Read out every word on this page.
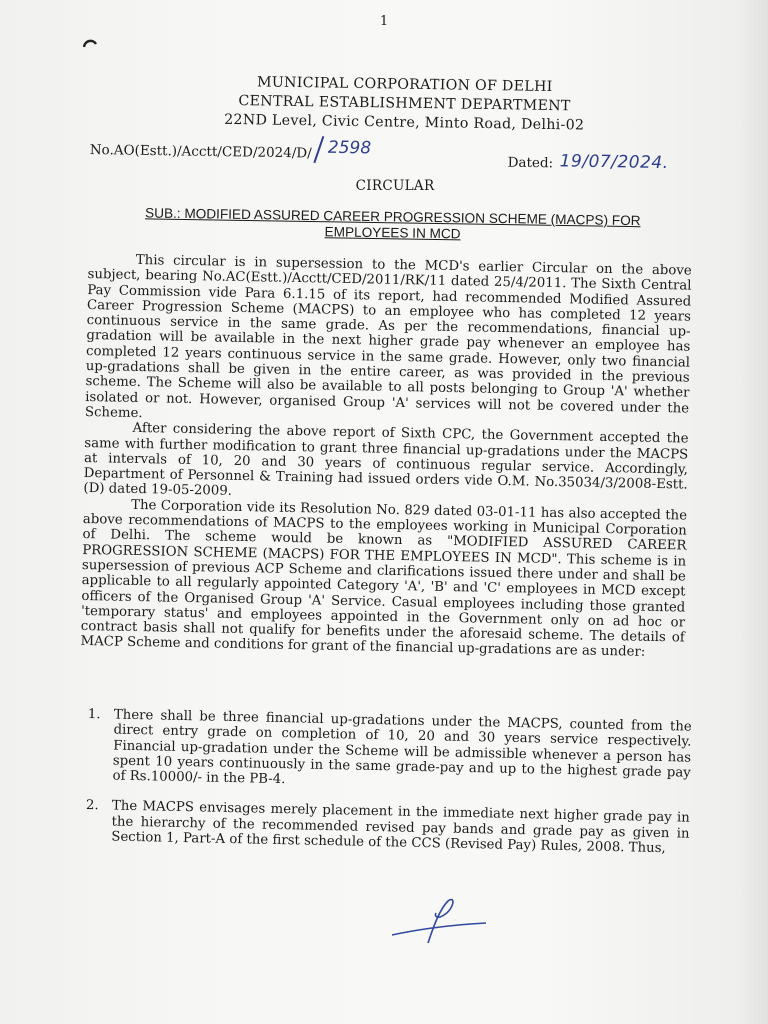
1
MUNICIPAL CORPORATION OF DELHI
CENTRAL ESTABLISHMENT DEPARTMENT
22ND Level, Civic Centre, Minto Road, Delhi-02
No.AO(Estt.)/Acctt/CED/2024/D/ 2598
Dated: 19/07/2024.
CIRCULAR
SUB.: MODIFIED ASSURED CAREER PROGRESSION SCHEME (MACPS) FOR EMPLOYEES IN MCD

This circular is in supersession to the MCD's earlier Circular on the above subject, bearing No.AC(Estt.)/Acctt/CED/2011/RK/11 dated 25/4/2011. The Sixth Central Pay Commission vide Para 6.1.15 of its report, had recommended Modified Assured Career Progression Scheme (MACPS) to an employee who has completed 12 years continuous service in the same grade. As per the recommendations, financial up-gradation will be available in the next higher grade pay whenever an employee has completed 12 years continuous service in the same grade. However, only two financial up-gradations shall be given in the entire career, as was provided in the previous scheme. The Scheme will also be available to all posts belonging to Group 'A' whether isolated or not. However, organised Group 'A' services will not be covered under the Scheme.

After considering the above report of Sixth CPC, the Government accepted the same with further modification to grant three financial up-gradations under the MACPS at intervals of 10, 20 and 30 years of continuous regular service. Accordingly, Department of Personnel & Training had issued orders vide O.M. No.35034/3/2008-Estt. (D) dated 19-05-2009.

The Corporation vide its Resolution No. 829 dated 03-01-11 has also accepted the above recommendations of MACPS to the employees working in Municipal Corporation of Delhi. The scheme would be known as "MODIFIED ASSURED CAREER PROGRESSION SCHEME (MACPS) FOR THE EMPLOYEES IN MCD". This scheme is in supersession of previous ACP Scheme and clarifications issued there under and shall be applicable to all regularly appointed Category 'A', 'B' and 'C' employees in MCD except officers of the Organised Group 'A' Service. Casual employees including those granted 'temporary status' and employees appointed in the Government only on ad hoc or contract basis shall not qualify for benefits under the aforesaid scheme. The details of MACP Scheme and conditions for grant of the financial up-gradations are as under:

1. There shall be three financial up-gradations under the MACPS, counted from the direct entry grade on completion of 10, 20 and 30 years service respectively. Financial up-gradation under the Scheme will be admissible whenever a person has spent 10 years continuously in the same grade-pay and up to the highest grade pay of Rs.10000/- in the PB-4.
2. The MACPS envisages merely placement in the immediate next higher grade pay in the hierarchy of the recommended revised pay bands and grade pay as given in Section 1, Part-A of the first schedule of the CCS (Revised Pay) Rules, 2008. Thus,
